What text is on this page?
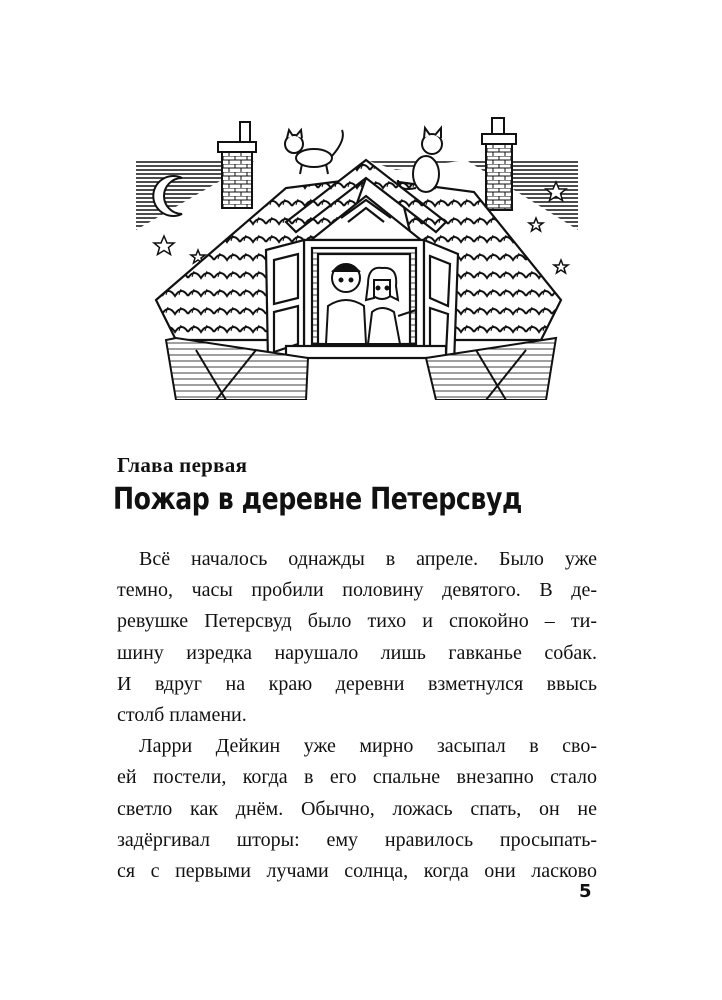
Глава первая
Пожар в деревне Петерсвуд
Всё началось однажды в апреле. Было уже
темно, часы пробили половину девятого. В де-
ревушке Петерсвуд было тихо и спокойно – ти-
шину изредка нарушало лишь гавканье собак.
И вдруг на краю деревни взметнулся ввысь
столб пламени.
Ларри Дейкин уже мирно засыпал в сво-
ей постели, когда в его спальне внезапно стало
светло как днём. Обычно, ложась спать, он не
задёргивал шторы: ему нравилось просыпать-
ся с первыми лучами солнца, когда они ласково
5
